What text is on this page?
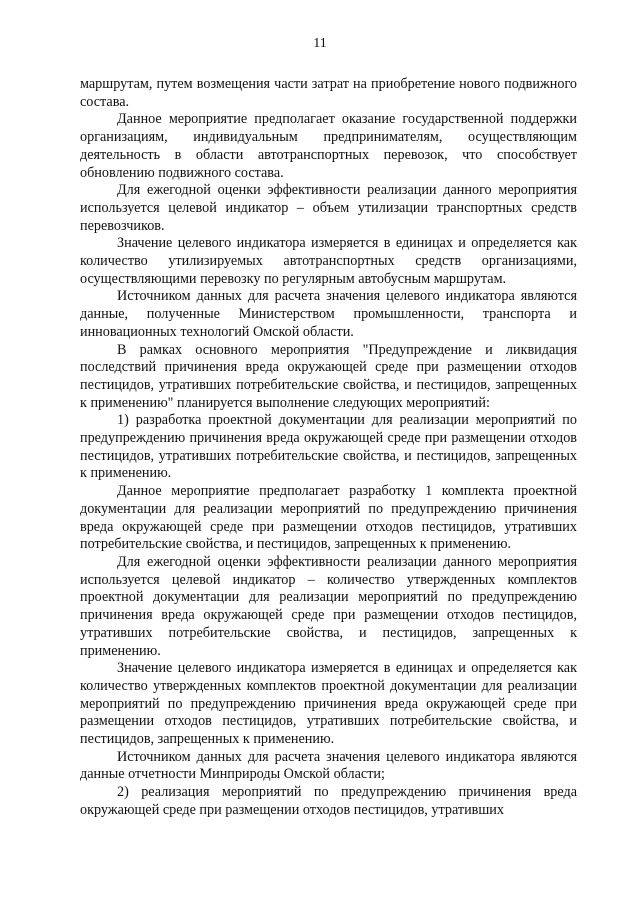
11

маршрутам, путем возмещения части затрат на приобретение нового подвижного состава.

Данное мероприятие предполагает оказание государственной поддержки организациям, индивидуальным предпринимателям, осуществляющим деятельность в области автотранспортных перевозок, что способствует обновлению подвижного состава.

Для ежегодной оценки эффективности реализации данного мероприятия используется целевой индикатор – объем утилизации транспортных средств перевозчиков.

Значение целевого индикатора измеряется в единицах и определяется как количество утилизируемых автотранспортных средств организациями, осуществляющими перевозку по регулярным автобусным маршрутам.

Источником данных для расчета значения целевого индикатора являются данные, полученные Министерством промышленности, транспорта и инновационных технологий Омской области.

В рамках основного мероприятия "Предупреждение и ликвидация последствий причинения вреда окружающей среде при размещении отходов пестицидов, утративших потребительские свойства, и пестицидов, запрещенных к применению" планируется выполнение следующих мероприятий:

1) разработка проектной документации для реализации мероприятий по предупреждению причинения вреда окружающей среде при размещении отходов пестицидов, утративших потребительские свойства, и пестицидов, запрещенных к применению.

Данное мероприятие предполагает разработку 1 комплекта проектной документации для реализации мероприятий по предупреждению причинения вреда окружающей среде при размещении отходов пестицидов, утративших потребительские свойства, и пестицидов, запрещенных к применению.

Для ежегодной оценки эффективности реализации данного мероприятия используется целевой индикатор – количество утвержденных комплектов проектной документации для реализации мероприятий по предупреждению причинения вреда окружающей среде при размещении отходов пестицидов, утративших потребительские свойства, и пестицидов, запрещенных к применению.

Значение целевого индикатора измеряется в единицах и определяется как количество утвержденных комплектов проектной документации для реализации мероприятий по предупреждению причинения вреда окружающей среде при размещении отходов пестицидов, утративших потребительские свойства, и пестицидов, запрещенных к применению.

Источником данных для расчета значения целевого индикатора являются данные отчетности Минприроды Омской области;

2) реализация мероприятий по предупреждению причинения вреда окружающей среде при размещении отходов пестицидов, утративших
